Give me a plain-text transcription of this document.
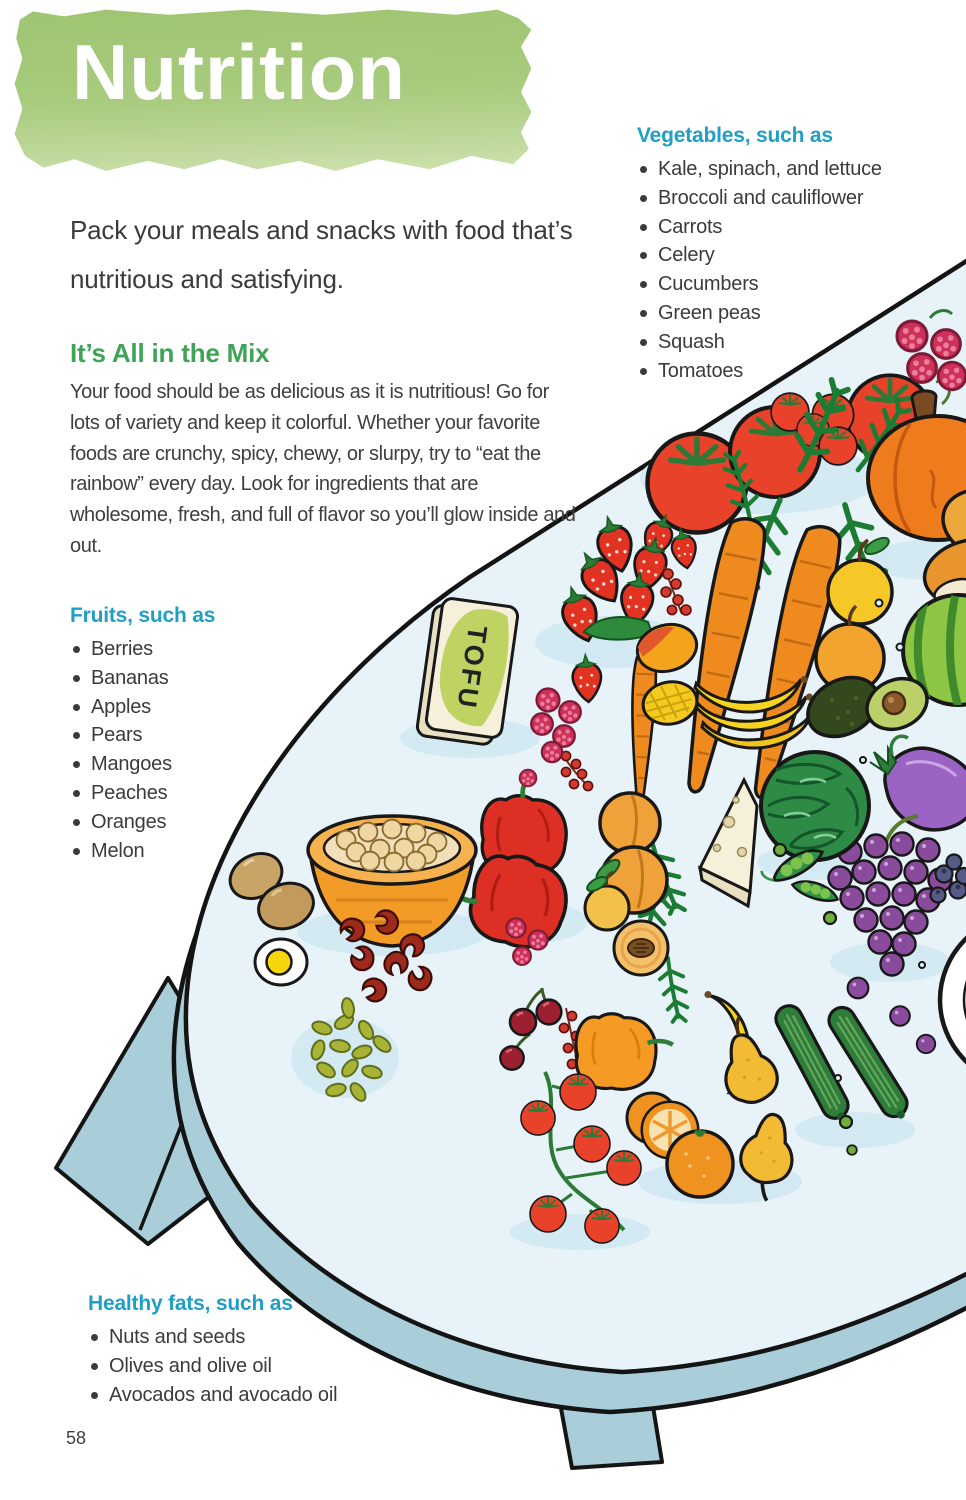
TOFU
Nutrition
Pack your meals and snacks with food that’s nutritious and satisfying.
It’s All in the Mix
Your food should be as delicious as it is nutritious! Go for lots of variety and keep it colorful. Whether your favorite foods are crunchy, spicy, chewy, or slurpy, try to “eat the rainbow” every day. Look for ingredients that are wholesome, fresh, and full of flavor so you’ll glow inside and out.
Vegetables, such as
Kale, spinach, and lettuce
Broccoli and cauliflower
Carrots
Celery
Cucumbers
Green peas
Squash
Tomatoes
Fruits, such as
Berries
Bananas
Apples
Pears
Mangoes
Peaches
Oranges
Melon
Healthy fats, such as
Nuts and seeds
Olives and olive oil
Avocados and avocado oil
58
